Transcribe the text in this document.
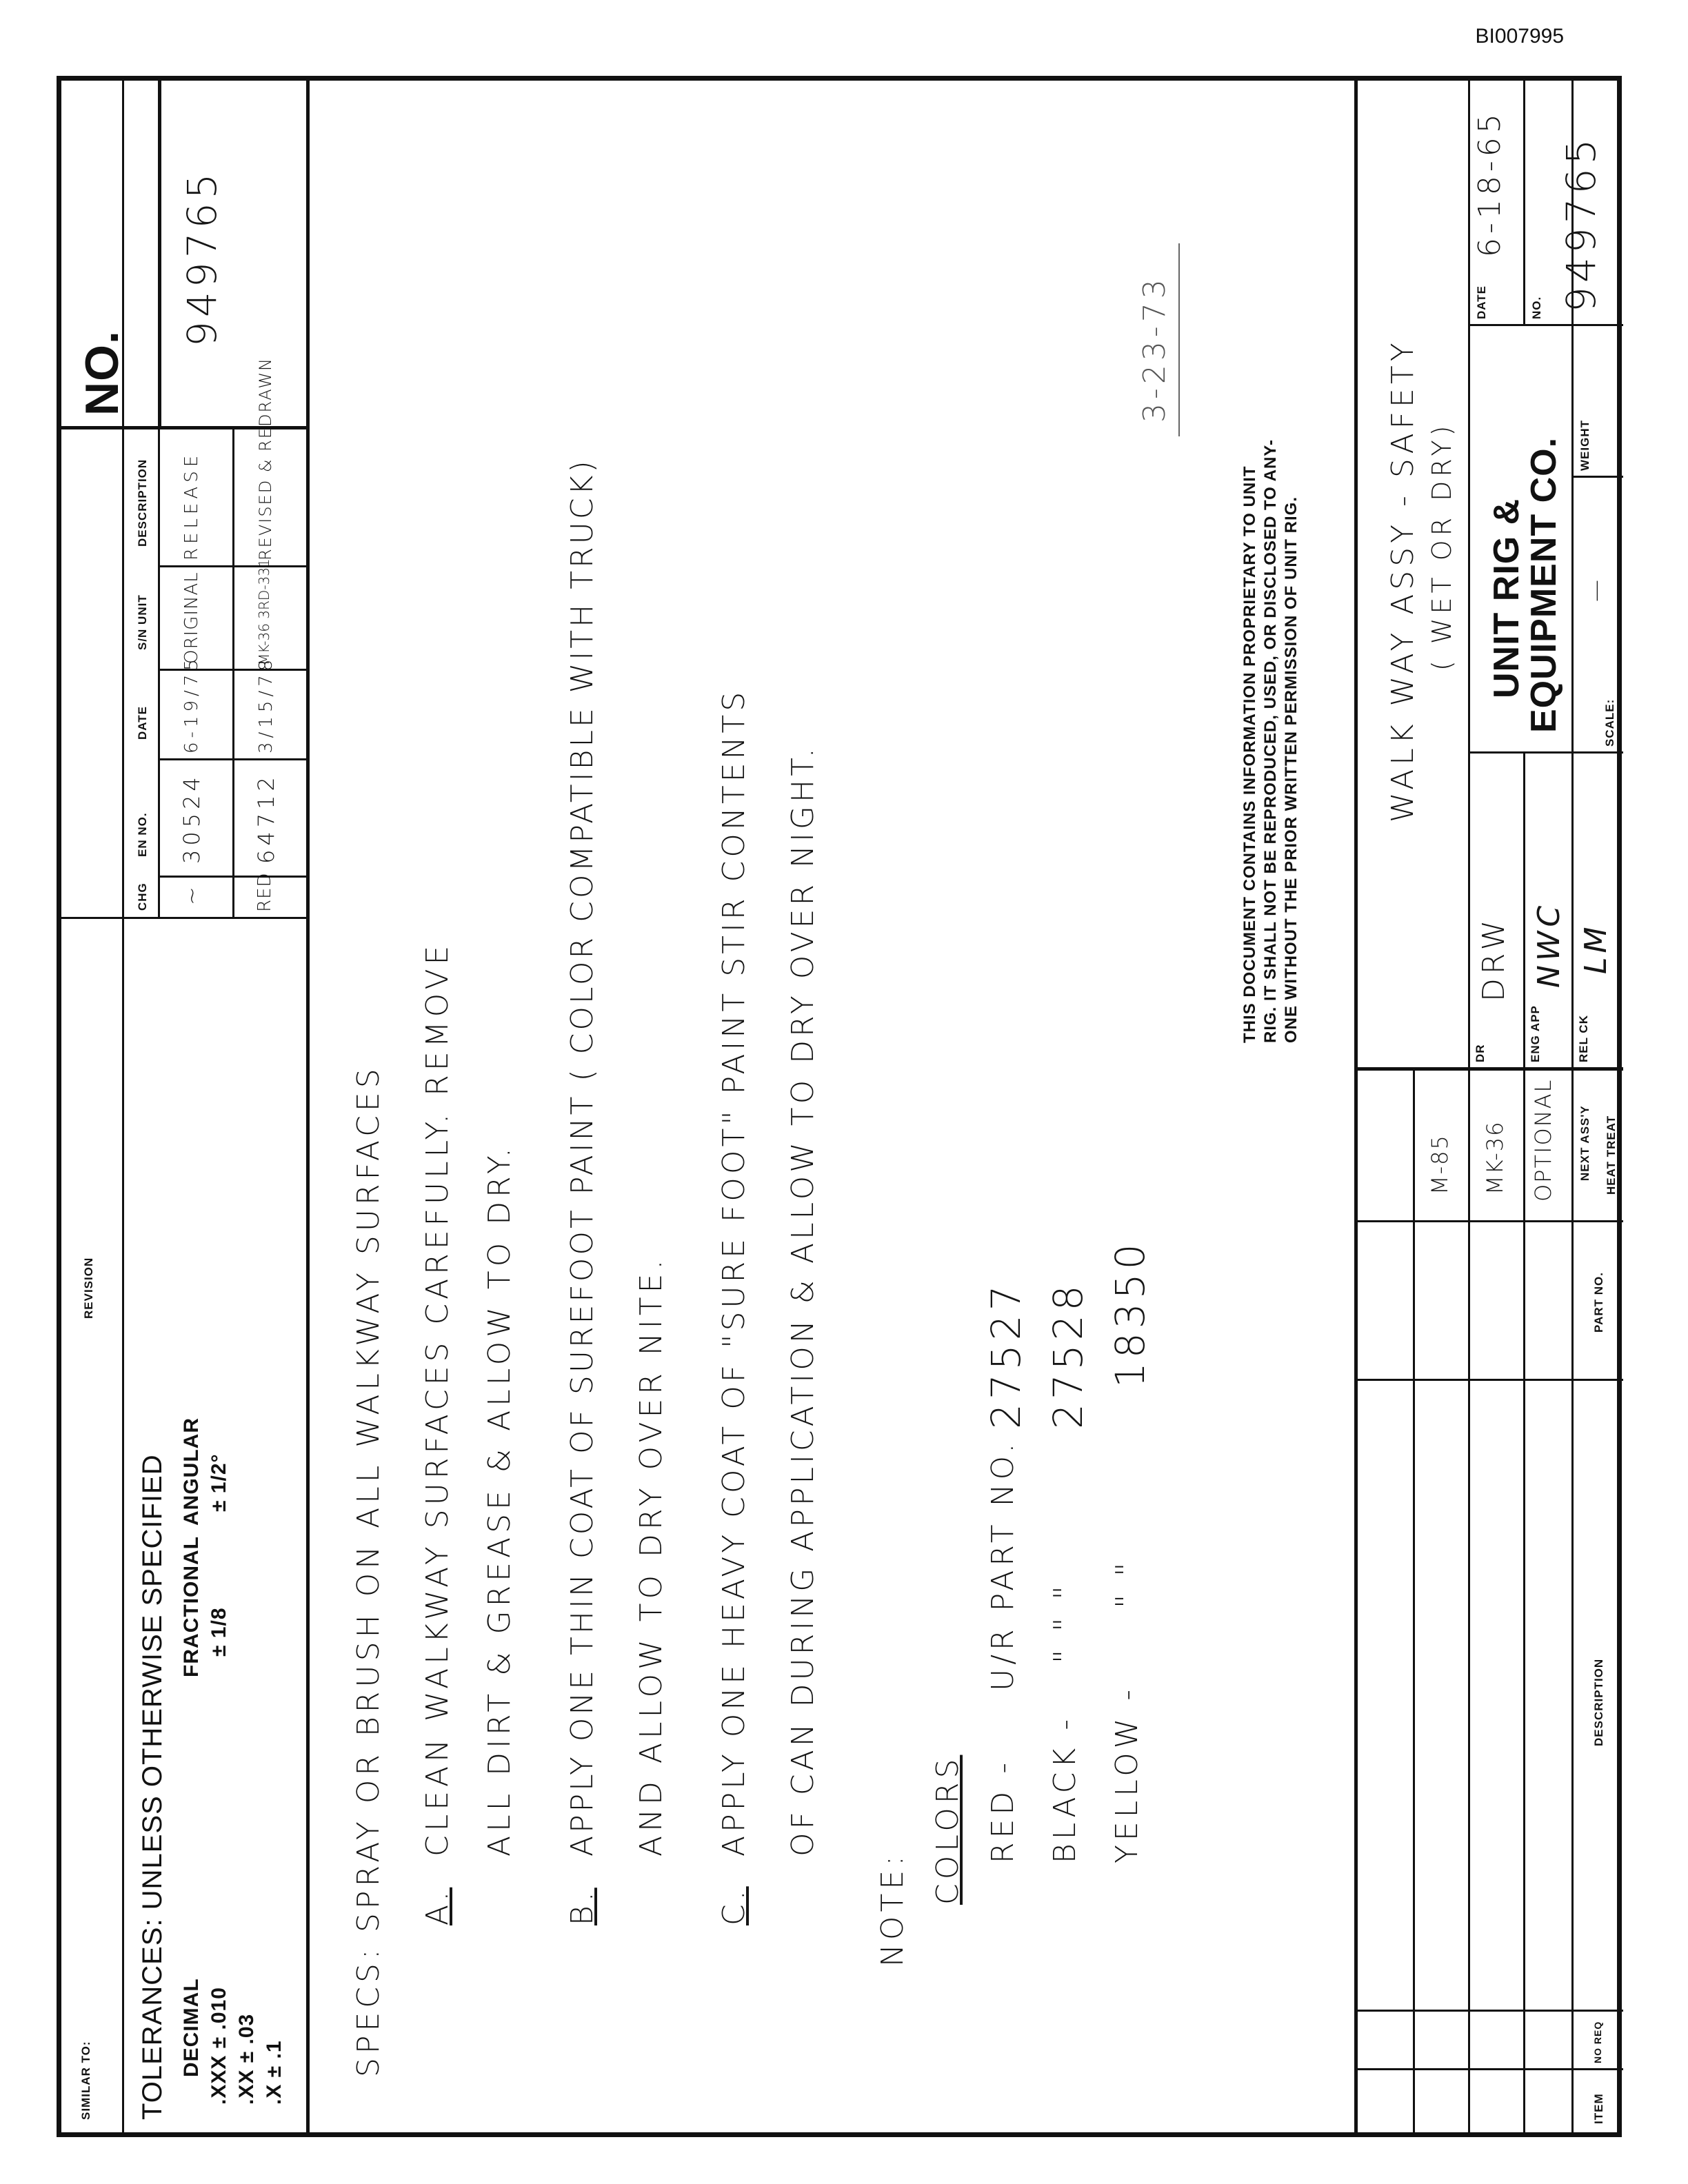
BI007995
SIMILAR TO: TOLERANCES: UNLESS OTHERWISE SPECIFIED DECIMAL .XXX ± .010 .XX ± .03 .X ± .1
FRACTIONAL ± 1/8
ANGULAR ± 1/2°
REVISION
CHG
EN NO.
DATE
S/N UNIT
DESCRIPTION
~
30524
6-19/75
ORIGINAL
RELEASE
RED
64712
3/15/78
MK-36 3RD-331
REVISED & REDRAWN
NO.
949765
SPECS:
SPRAY OR BRUSH ON ALL WALKWAY SURFACES A.
CLEAN WALKWAY SURFACES CAREFULLY. REMOVE ALL DIRT & GREASE & ALLOW TO DRY.
B.
APPLY ONE THIN COAT OF SUREFOOT PAINT ( COLOR COMPATIBLE WITH TRUCK) AND ALLOW TO DRY OVER NITE.
C.
APPLY ONE HEAVY COAT OF "SURE FOOT" PAINT STIR CONTENTS OF CAN DURING APPLICATION & ALLOW TO DRY OVER NIGHT.
NOTE:
COLORS RED -
U/R PART NO.
27527
BLACK -
" " "
27528
YELLOW -
" "
18350
3-23-73
THIS DOCUMENT CONTAINS INFORMATION PROPRIETARY TO UNIT RIG. IT SHALL NOT BE REPRODUCED, USED, OR DISCLOSED TO ANY- ONE WITHOUT THE PRIOR WRITTEN PERMISSION OF UNIT RIG.
ITEM
NO REQ
DESCRIPTION
PART NO.
M-85 MK-36 OPTIONAL NEXT ASS'Y HEAT TREAT
WALK WAY ASSY - SAFETY ( WET OR DRY)
DR
DRW
ENG APP
NWC
REL CK
LM
UNIT RIG &
EQUIPMENT CO.	SCALE:
—
WEIGHT
DATE
6-18-65
NO. 949765
